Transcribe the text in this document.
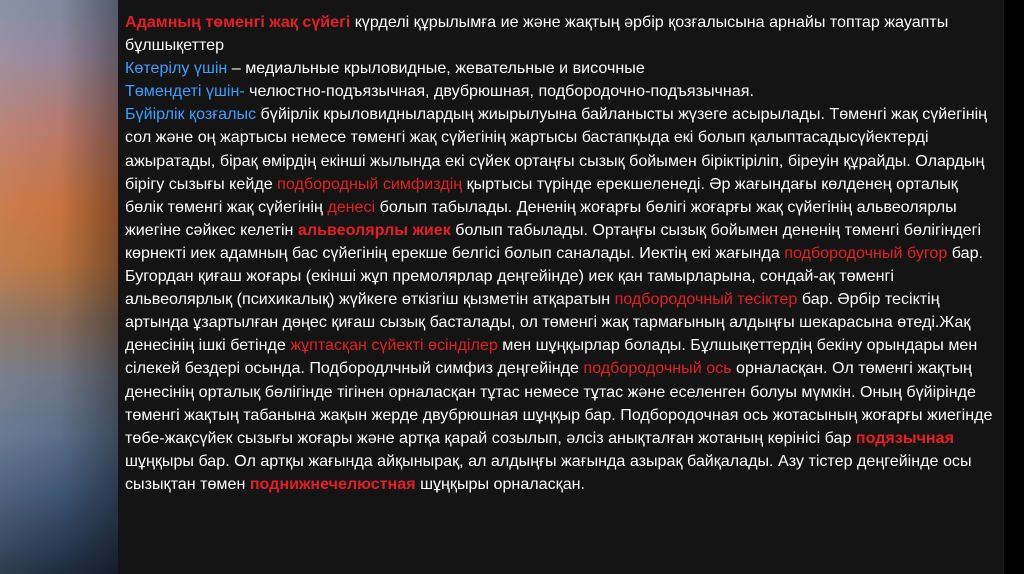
Адамның төменгі жақ сүйегі күрделі құрылымға ие және жақтың әрбір қозғалысына арнайы топтар жауапты бұлшықеттер

Көтерілу үшін – медиальные крыловидные, жевательные и височные

Төмендеті үшін- челюстно-подъязычная, двубрюшная, подбородочно-подъязычная.

Бүйірлік қозғалыс бүйірлік крыловиднылардың жиырылуына байланысты жүзеге асырылады. Төменгі жақ сүйегінің сол және оң жартысы немесе төменгі жақ сүйегінің жартысы бастапқыда екі болып қалыптасадысүйектерді ажыратады, бірақ өмірдің екінші жылында екі сүйек ортаңғы сызық бойымен біріктіріліп, біреуін құрайды. Олардың бірігу сызығы кейде подбородный симфиздің қыртысы түрінде ерекшеленеді. Әр жағындағы көлденең орталық бөлік төменгі жақ сүйегінің денесі болып табылады. Дененің жоғарғы бөлігі жоғарғы жақ сүйегінің альвеолярлы жиегіне сәйкес келетін альвеолярлы жиек болып табылады. Ортаңғы сызық бойымен дененің төменгі бөлігіндегі көрнекті иек адамның бас сүйегінің ерекше белгісі болып саналады. Иектің екі жағында подбородочный бугор бар. Бугордан қиғаш жоғары (екінші жұп премолярлар деңгейінде) иек қан тамырларына, сондай-ақ төменгі альвеолярлық (психикалық) жүйкеге өткізгіш қызметін атқаратын подбородочный тесіктер бар. Әрбір тесіктің артында ұзартылған дөңес қиғаш сызық басталады, ол төменгі жақ тармағының алдыңғы шекарасына өтеді.Жақ денесінің ішкі бетінде жұптасқан сүйекті өсінділер мен шұңқырлар болады. Бұлшықеттердің бекіну орындары мен сілекей бездері осында. Подбородлчный симфиз деңгейінде подбородочный ось орналасқан. Ол төменгі жақтың денесінің орталық бөлігінде тігінен орналасқан тұтас немесе тұтас және еселенген болуы мүмкін. Оның бүйірінде төменгі жақтың табанына жақын жерде двубрюшная шұңқыр бар. Подбородочная ось жотасының жоғарғы жиегінде төбе-жақсүйек сызығы жоғары және артқа қарай созылып, әлсіз анықталған жотаның көрінісі бар подязычная шұңқыры бар. Ол артқы жағында айқынырақ, ал алдыңғы жағында азырақ байқалады. Азу тістер деңгейінде осы сызықтан төмен поднижнечелюстная шұңқыры орналасқан.
